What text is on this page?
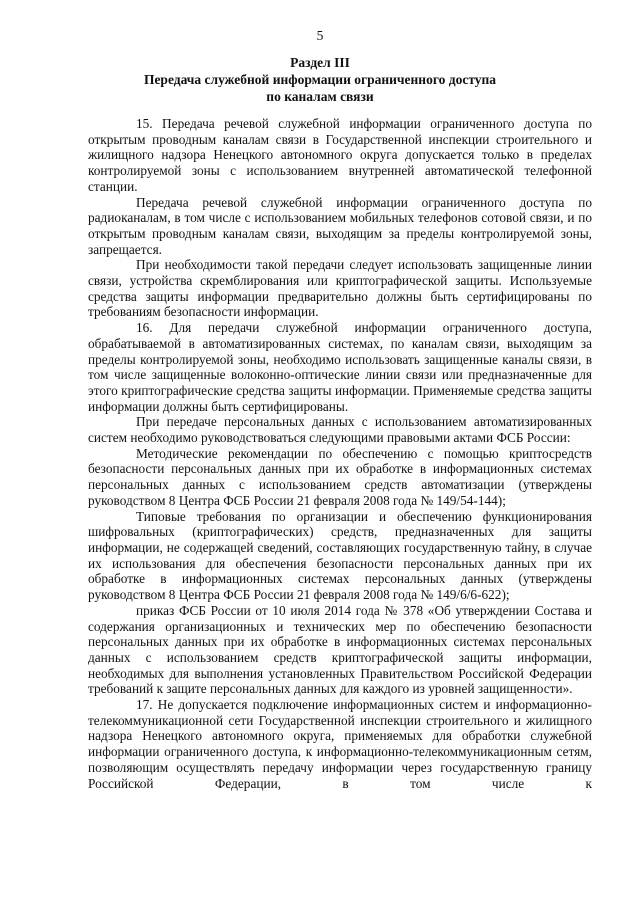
5
Раздел III
Передача служебной информации ограниченного доступа
по каналам связи

15. Передача речевой служебной информации ограниченного доступа по открытым проводным каналам связи в Государственной инспекции строительного и жилищного надзора Ненецкого автономного округа допускается только в пределах контролируемой зоны с использованием внутренней автоматической телефонной станции.

Передача речевой служебной информации ограниченного доступа по радиоканалам, в том числе с использованием мобильных телефонов сотовой связи, и по открытым проводным каналам связи, выходящим за пределы контролируемой зоны, запрещается.

При необходимости такой передачи следует использовать защищенные линии связи, устройства скремблирования или криптографической защиты. Используемые средства защиты информации предварительно должны быть сертифицированы по требованиям безопасности информации.

16. Для передачи служебной информации ограниченного доступа, обрабатываемой в автоматизированных системах, по каналам связи, выходящим за пределы контролируемой зоны, необходимо использовать защищенные каналы связи, в том числе защищенные волоконно-оптические линии связи или предназначенные для этого криптографические средства защиты информации. Применяемые средства защиты информации должны быть сертифицированы.

При передаче персональных данных с использованием автоматизированных систем необходимо руководствоваться следующими правовыми актами ФСБ России:

Методические рекомендации по обеспечению с помощью криптосредств безопасности персональных данных при их обработке в информационных системах персональных данных с использованием средств автоматизации (утверждены руководством 8 Центра ФСБ России 21 февраля 2008 года № 149/54-144);

Типовые требования по организации и обеспечению функционирования шифровальных (криптографических) средств, предназначенных для защиты информации, не содержащей сведений, составляющих государственную тайну, в случае их использования для обеспечения безопасности персональных данных при их обработке в информационных системах персональных данных (утверждены руководством 8 Центра ФСБ России 21 февраля 2008 года № 149/6/6-622);

приказ ФСБ России от 10 июля 2014 года № 378 «Об утверждении Состава и содержания организационных и технических мер по обеспечению безопасности персональных данных при их обработке в информационных системах персональных данных с использованием средств криптографической защиты информации, необходимых для выполнения установленных Правительством Российской Федерации требований к защите персональных данных для каждого из уровней защищенности».

17. Не допускается подключение информационных систем и информационно-телекоммуникационной сети Государственной инспекции строительного и жилищного надзора Ненецкого автономного округа, применяемых для обработки служебной информации ограниченного доступа, к информационно-телекоммуникационным сетям, позволяющим осуществлять передачу информации через государственную границу Российской Федерации, в том числе к
